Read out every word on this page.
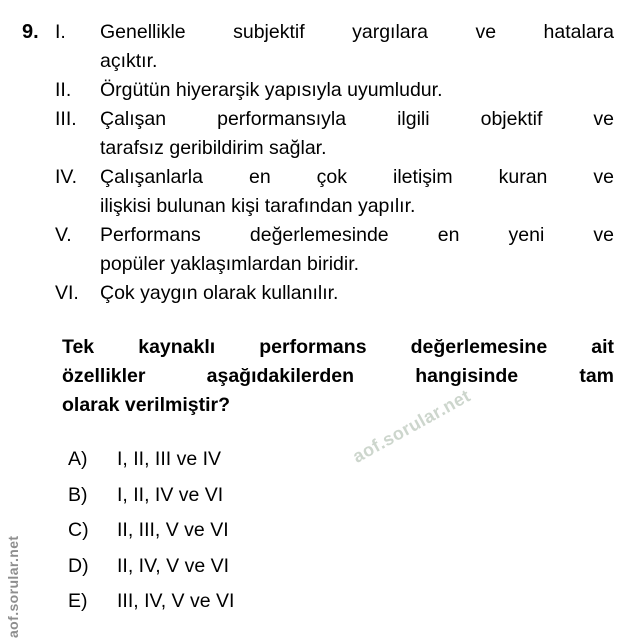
aof.sorular.net
aof.sorular.net
9. I.	Genellikle subjektif yargılara ve hatalara
açıktır.
II.	Örgütün hiyerarşik yapısıyla uyumludur.
III.	Çalışan performansıyla ilgili objektif ve
tarafsız geribildirim sağlar.
IV.	Çalışanlarla en çok iletişim kuran ve
ilişkisi bulunan kişi tarafından yapılır.
V.	Performans değerlemesinde en yeni ve
popüler yaklaşımlardan biridir.
VI.	Çok yaygın olarak kullanılır.
Tek kaynaklı performans değerlemesine ait
özellikler aşağıdakilerden hangisinde tam
olarak verilmiştir?
A)	I, II, III ve IV
B)	I, II, IV ve VI
C)	II, III, V ve VI
D)	II, IV, V ve VI
E)	III, IV, V ve VI
